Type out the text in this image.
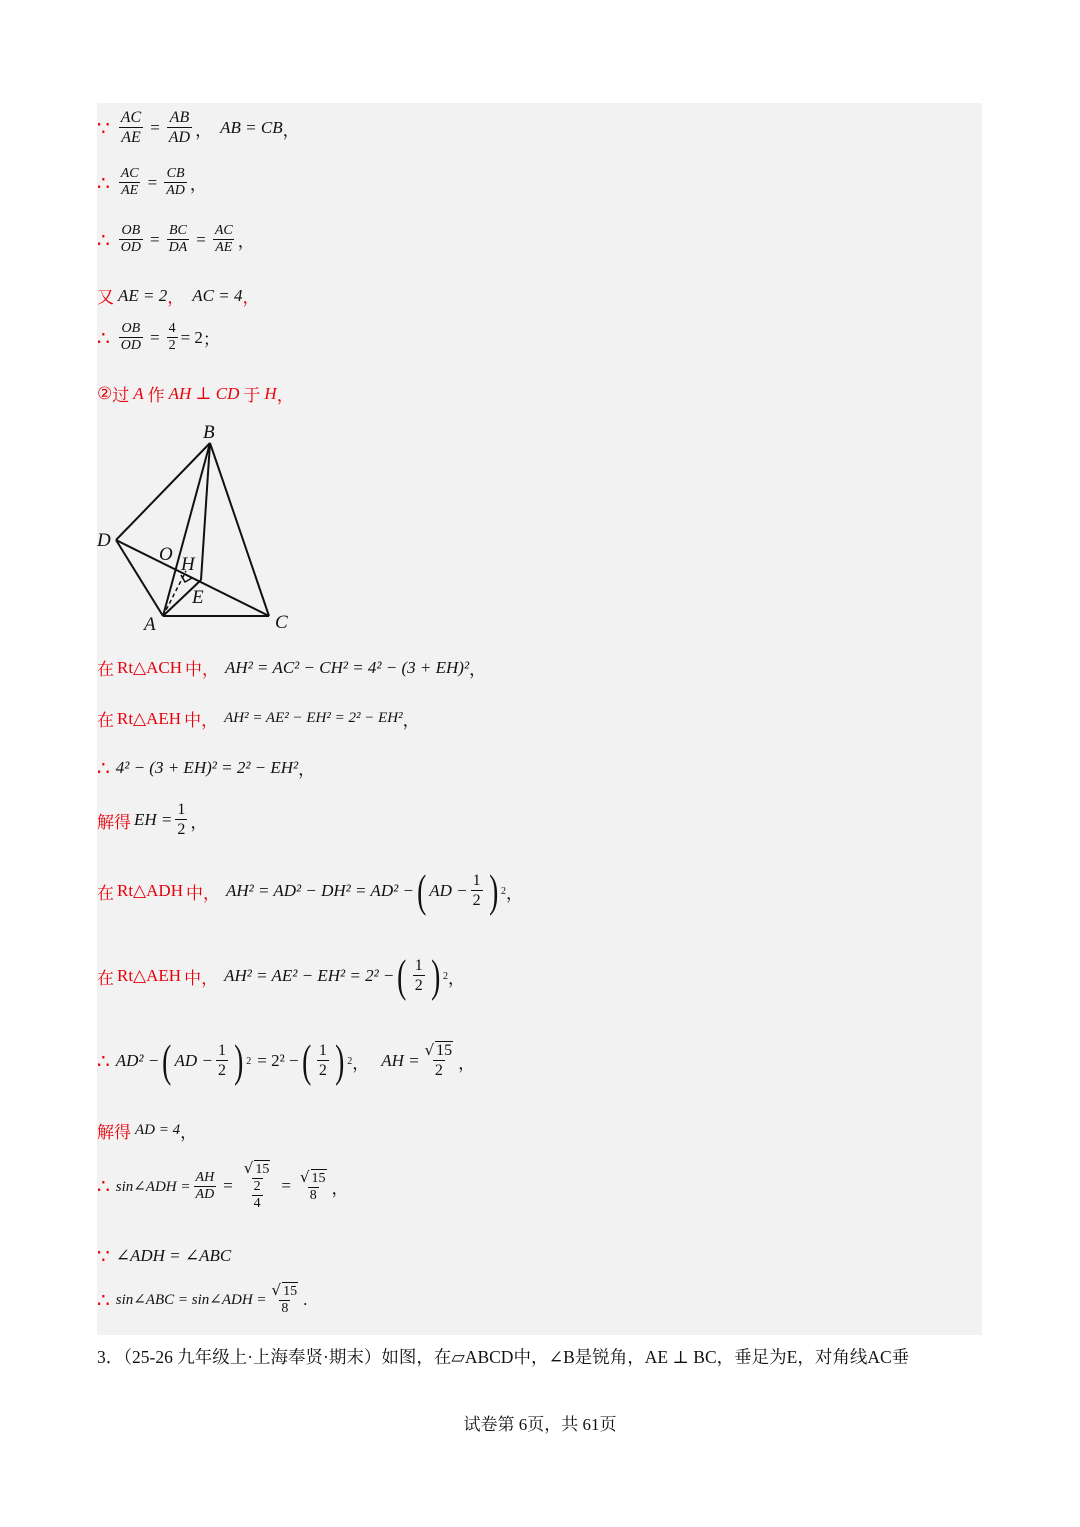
∵ $\frac{AC}{AE} = \frac{AB}{AD}$ ， AB = CB ，
∴ $\frac{AC}{AE} = \frac{CB}{AD}$ ，
∴ $\frac{OB}{OD} = \frac{BC}{DA} = \frac{AC}{AE}$ ，
又 AE = 2 ， AC = 4 ，
∴ $\frac{OB}{OD} = \frac{4}{2} = 2$ ；
② 过 A 作 AH ⊥ CD 于 H ，
B
D
O H
E
A	C
在 Rt△ACH 中， AH² = AC² − CH² = 4² − (3 + EH)² ，
在 Rt△AEH 中， AH² = AE² − EH² = 2² − EH² ，
∴ 4² − (3 + EH)² = 2² − EH² ，
解得 EH = $\frac{1}{2}$ ，
在 Rt△ADH 中， AH² = AD² − DH² = AD² − ( AD − $\frac{1}{2}$ ) 2 ，
在 Rt△AEH 中， AH² = AE² − EH² = 2² − ( $\frac{1}{2}$ ) 2 ，
∴ AD² − ( AD − $\frac{1}{2}$ ) 2 = 2² − ( $\frac{1}{2}$ ) 2 ， AH = $\frac{√ 15}{2}$ ，
解得 AD = 4 ，
∴ sin∠ADH = $\frac{AH}{AD} = \frac{\frac{√ 15}{2}}{4} = \frac{√ 15}{8}$ ，
∵ ∠ADH = ∠ABC
∴ sin∠ABC = sin∠ADH = $\frac{√ 15}{8}$ .
3．（25-26 九年级上·上海奉贤·期末）如图，在▱ABCD中，∠B是锐角，AE ⊥ BC，垂足为E，对角线AC垂
试卷第 6页，共 61页
